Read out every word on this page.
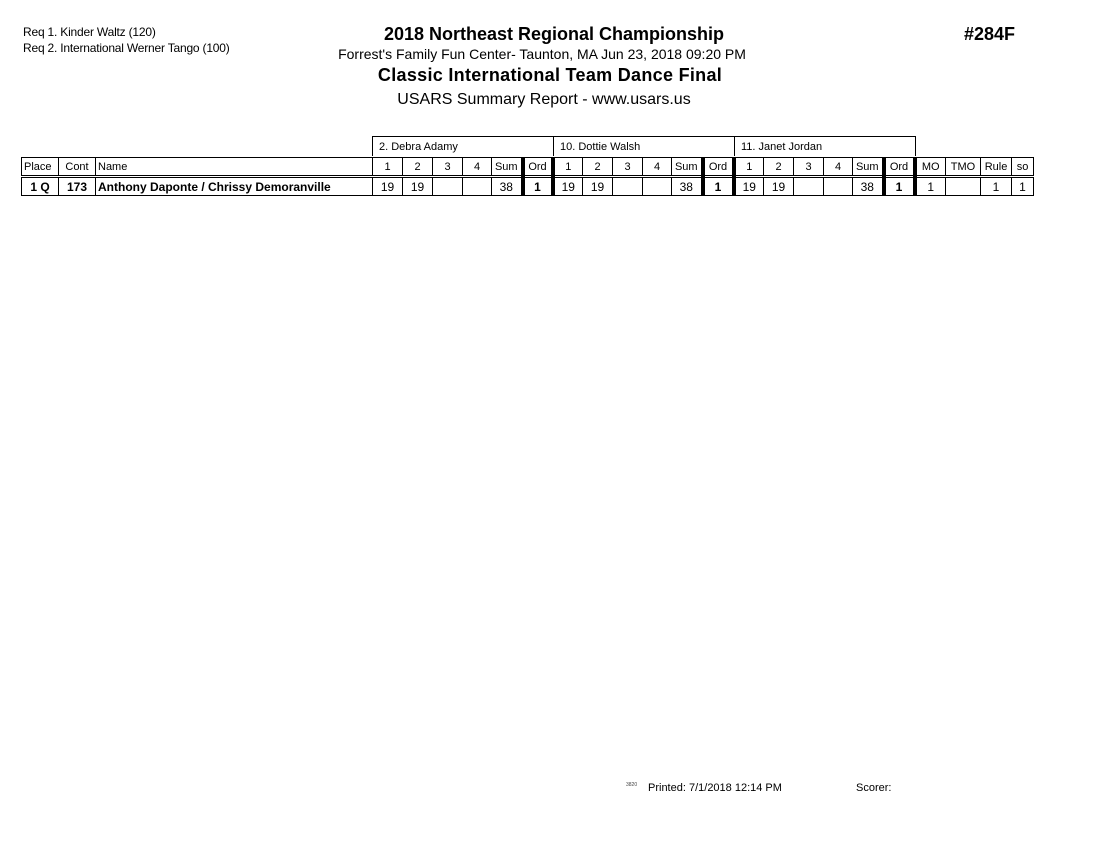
Req 1. Kinder Waltz (120)
Req 2. International Werner Tango (100)
2018 Northeast Regional Championship
Forrest's Family Fun Center- Taunton, MA Jun 23, 2018 09:20 PM
Classic International Team Dance Final
USARS Summary Report - www.usars.us
#284F
2. Debra Adamy	10. Dottie Walsh	11. Janet Jordan
Place	Cont	Name	1	2	3	4	Sum	Ord	1	2	3	4	Sum	Ord	1	2	3	4	Sum	Ord	MO	TMO	Rule	so
1 Q	173	Anthony Daponte / Chrissy Demoranville	19	19			38	1	19	19			38	1	19	19			38	1	1		1	1
3820 Printed: 7/1/2018 12:14 PM	Scorer:
